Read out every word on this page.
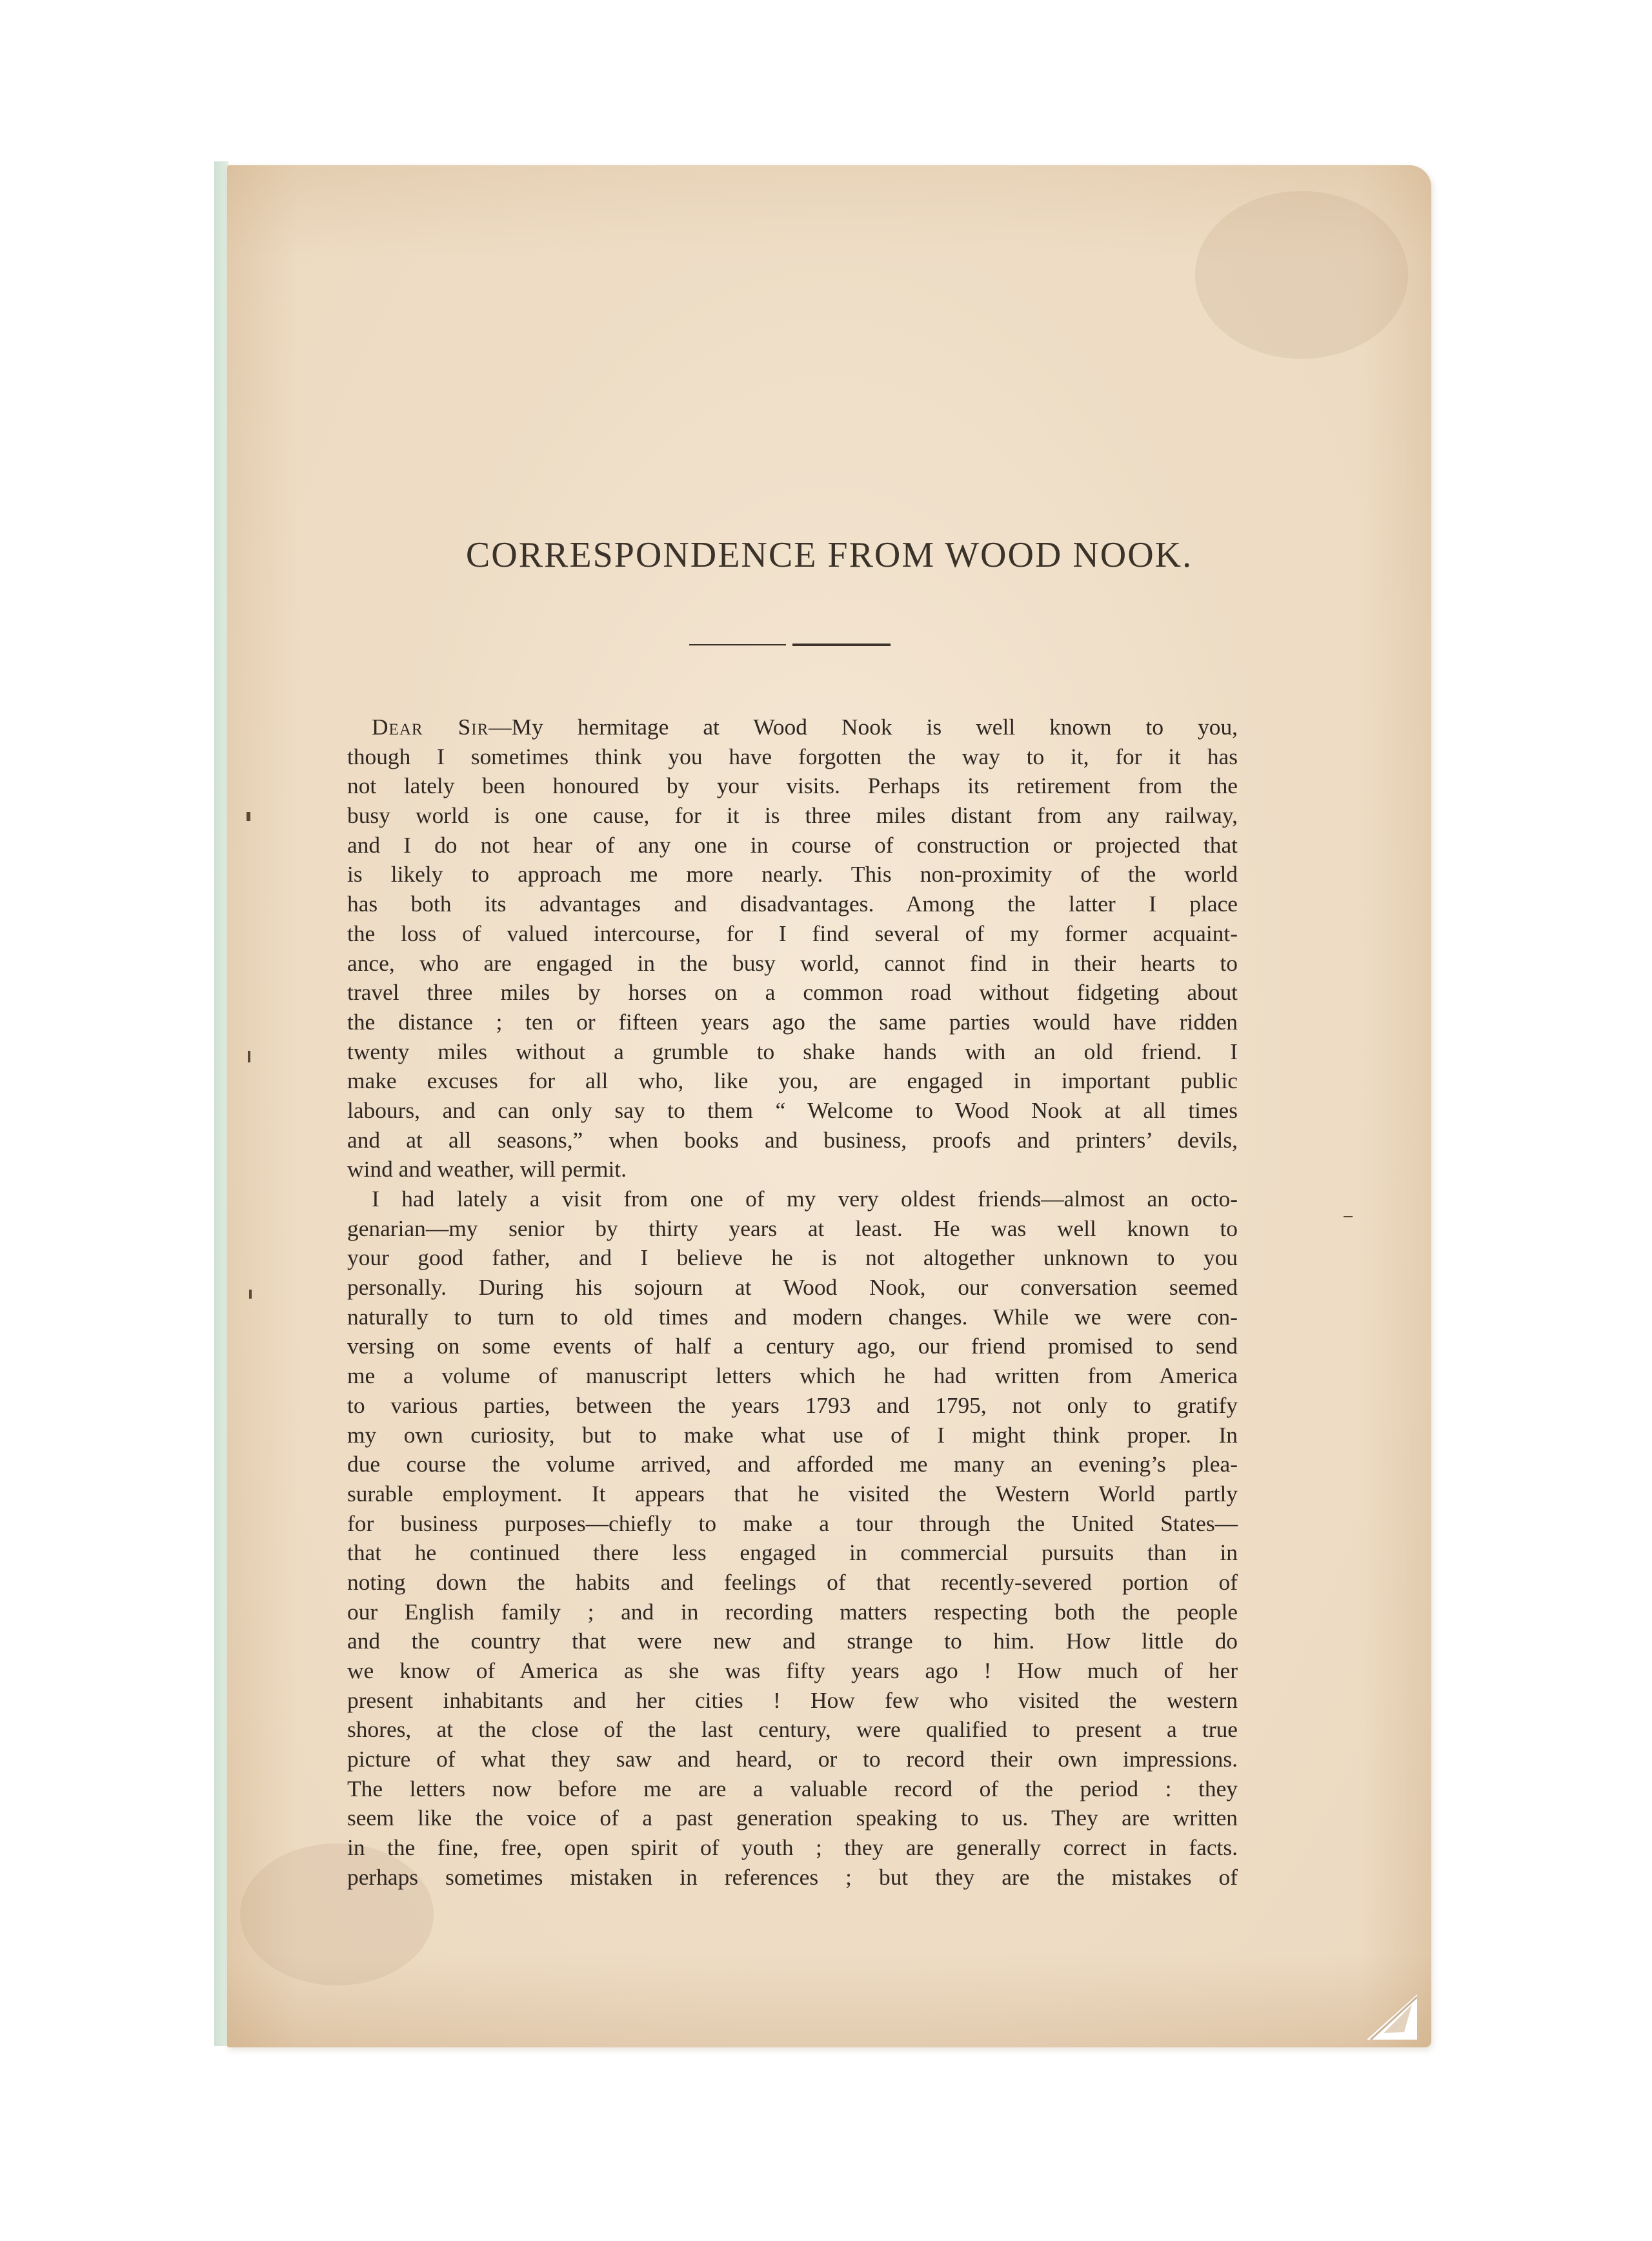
CORRESPONDENCE FROM WOOD NOOK.
Dear Sir—My hermitage at Wood Nook is well known to you,
though I sometimes think you have forgotten the way to it, for it has
not lately been honoured by your visits. Perhaps its retirement from the
busy world is one cause, for it is three miles distant from any railway,
and I do not hear of any one in course of construction or projected that
is likely to approach me more nearly. This non-proximity of the world
has both its advantages and disadvantages. Among the latter I place
the loss of valued intercourse, for I find several of my former acquaint-
ance, who are engaged in the busy world, cannot find in their hearts to
travel three miles by horses on a common road without fidgeting about
the distance ; ten or fifteen years ago the same parties would have ridden
twenty miles without a grumble to shake hands with an old friend. I
make excuses for all who, like you, are engaged in important public
labours, and can only say to them “ Welcome to Wood Nook at all times
and at all seasons,” when books and business, proofs and printers’ devils,
wind and weather, will permit.
I had lately a visit from one of my very oldest friends—almost an octo-
genarian—my senior by thirty years at least. He was well known to
your good father, and I believe he is not altogether unknown to you
personally. During his sojourn at Wood Nook, our conversation seemed
naturally to turn to old times and modern changes. While we were con-
versing on some events of half a century ago, our friend promised to send
me a volume of manuscript letters which he had written from America
to various parties, between the years 1793 and 1795, not only to gratify
my own curiosity, but to make what use of I might think proper. In
due course the volume arrived, and afforded me many an evening’s plea-
surable employment. It appears that he visited the Western World partly
for business purposes—chiefly to make a tour through the United States—
that he continued there less engaged in commercial pursuits than in
noting down the habits and feelings of that recently-severed portion of
our English family ; and in recording matters respecting both the people
and the country that were new and strange to him. How little do
we know of America as she was fifty years ago ! How much of her
present inhabitants and her cities ! How few who visited the western
shores, at the close of the last century, were qualified to present a true
picture of what they saw and heard, or to record their own impressions.
The letters now before me are a valuable record of the period : they
seem like the voice of a past generation speaking to us. They are written
in the fine, free, open spirit of youth ; they are generally correct in facts.
perhaps sometimes mistaken in references ; but they are the mistakes of
